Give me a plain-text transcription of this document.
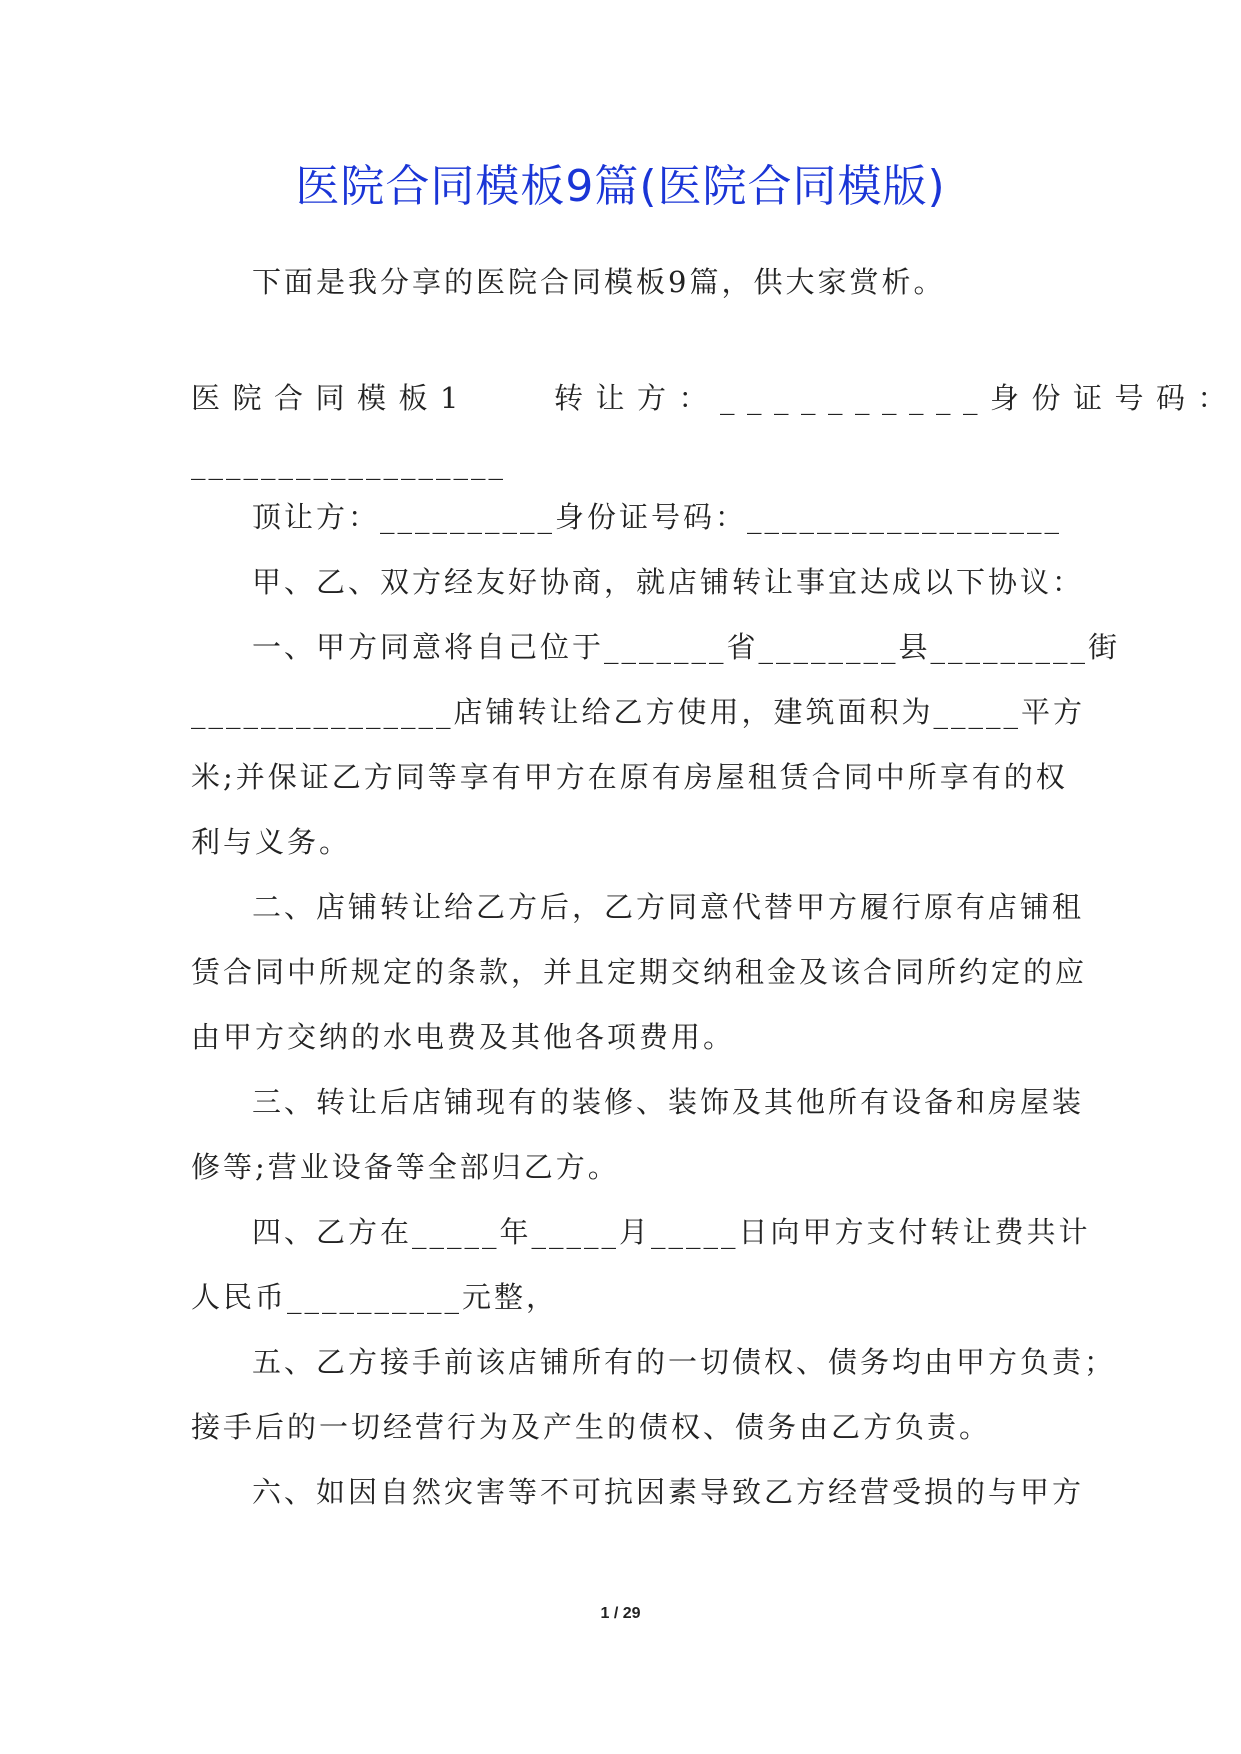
医院合同模板9篇(医院合同模版)

下面是我分享的医院合同模板9篇，供大家赏析。

医院合同模板1　　转让方：__________身份证号码：

__________________

顶让方：__________身份证号码：__________________

甲、乙、双方经友好协商，就店铺转让事宜达成以下协议：

一、甲方同意将自己位于_______省________县_________街

_______________店铺转让给乙方使用，建筑面积为_____平方

米;并保证乙方同等享有甲方在原有房屋租赁合同中所享有的权

利与义务。

二、店铺转让给乙方后，乙方同意代替甲方履行原有店铺租

赁合同中所规定的条款，并且定期交纳租金及该合同所约定的应

由甲方交纳的水电费及其他各项费用。

三、转让后店铺现有的装修、装饰及其他所有设备和房屋装

修等;营业设备等全部归乙方。

四、乙方在_____年_____月_____日向甲方支付转让费共计

人民币__________元整，

五、乙方接手前该店铺所有的一切债权、债务均由甲方负责；

接手后的一切经营行为及产生的债权、债务由乙方负责。

六、如因自然灾害等不可抗因素导致乙方经营受损的与甲方

1 / 29
